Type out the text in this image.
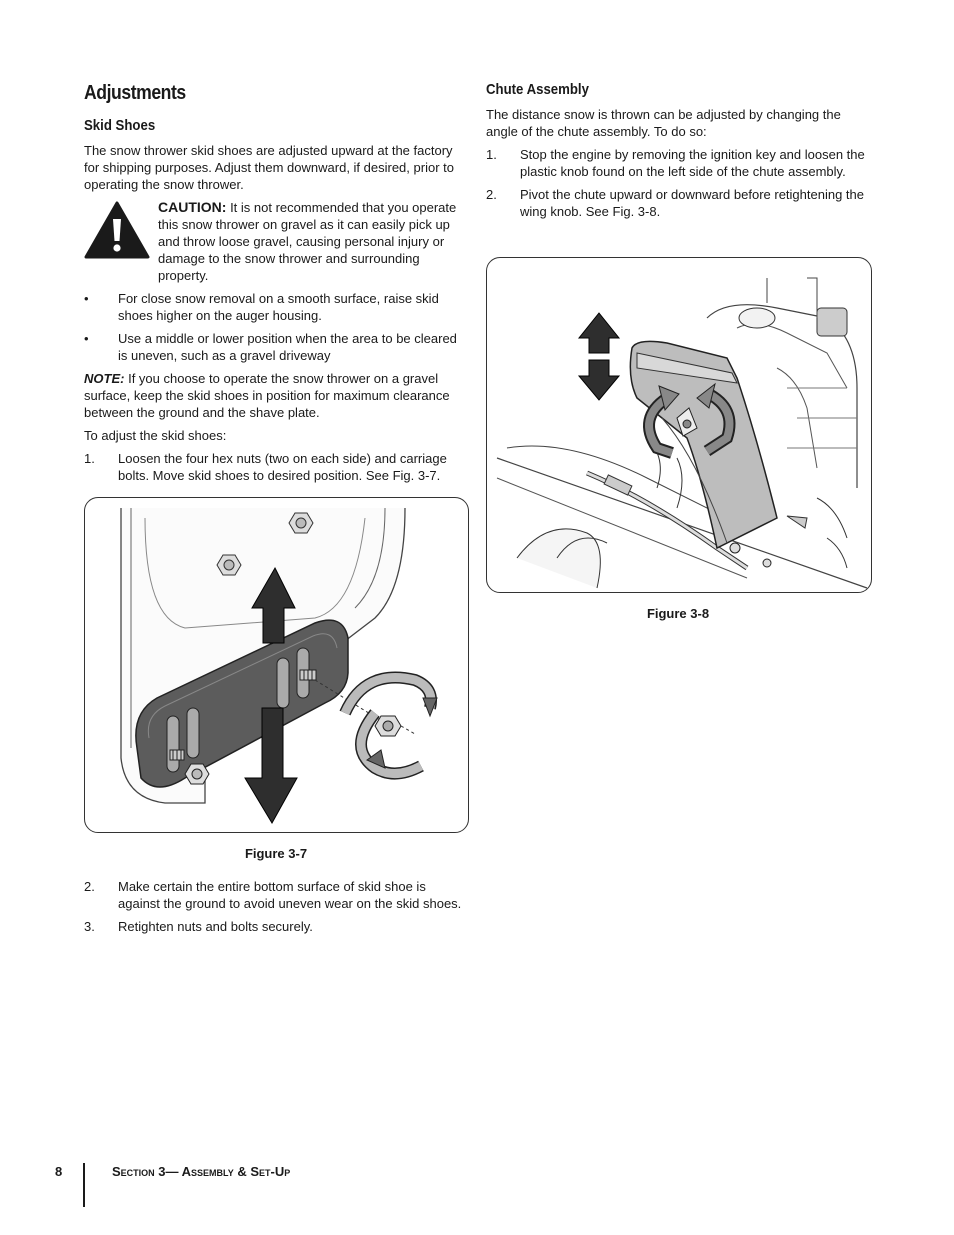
Adjustments
Skid Shoes

The snow thrower skid shoes are adjusted upward at the factory for shipping purposes. Adjust them downward, if desired, prior to operating the snow thrower.

CAUTION: It is not recommended that you operate this snow thrower on gravel as it can easily pick up and throw loose gravel, causing personal injury or damage to the snow thrower and surrounding property.
• For close snow removal on a smooth surface, raise skid shoes higher on the auger housing.
• Use a middle or lower position when the area to be cleared is uneven, such as a gravel driveway

NOTE: If you choose to operate the snow thrower on a gravel surface, keep the skid shoes in position for maximum clearance between the ground and the shave plate.

To adjust the skid shoes:

1. Loosen the four hex nuts (two on each side) and carriage bolts. Move skid shoes to desired position. See Fig. 3-7.
Figure 3-7
2. Make certain the entire bottom surface of skid shoe is against the ground to avoid uneven wear on the skid shoes.
3. Retighten nuts and bolts securely.
Chute Assembly

The distance snow is thrown can be adjusted by changing the angle of the chute assembly. To do so:

1. Stop the engine by removing the ignition key and loosen the plastic knob found on the left side of the chute assembly.
2. Pivot the chute upward or downward before retightening the wing knob. See Fig. 3-8.
Figure 3-8
8	Section 3— Assembly & Set-Up
